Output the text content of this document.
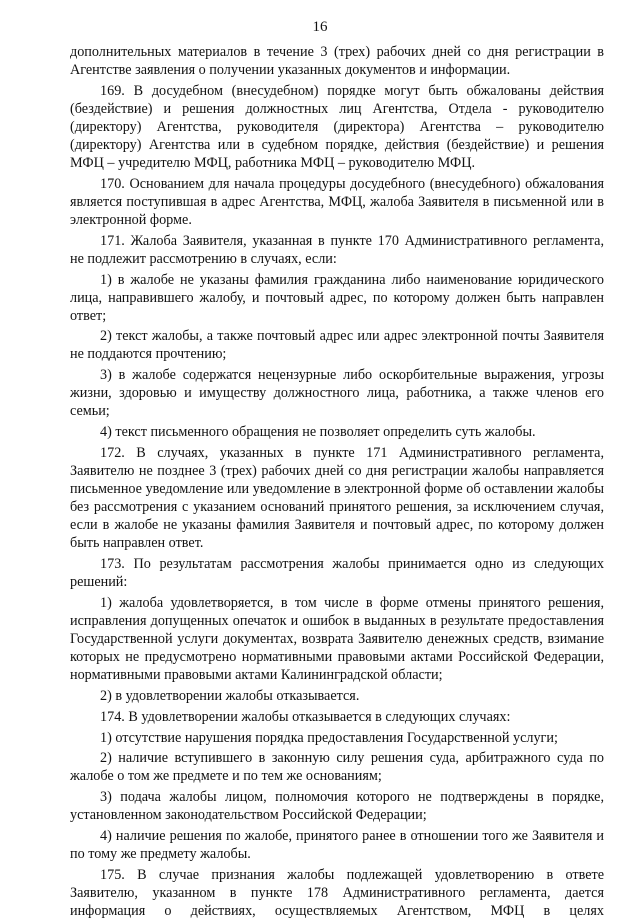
16

дополнительных материалов в течение 3 (трех) рабочих дней со дня регистрации в Агентстве заявления о получении указанных документов и информации.

169. В досудебном (внесудебном) порядке могут быть обжалованы действия (бездействие) и решения должностных лиц Агентства, Отдела - руководителю (директору) Агентства, руководителя (директора) Агентства – руководителю (директору) Агентства или в судебном порядке, действия (бездействие) и решения МФЦ – учредителю МФЦ, работника МФЦ – руководителю МФЦ.

170. Основанием для начала процедуры досудебного (внесудебного) обжалования является поступившая в адрес Агентства, МФЦ, жалоба Заявителя в письменной или в электронной форме.

171. Жалоба Заявителя, указанная в пункте 170 Административного регламента, не подлежит рассмотрению в случаях, если:

1) в жалобе не указаны фамилия гражданина либо наименование юридического лица, направившего жалобу, и почтовый адрес, по которому должен быть направлен ответ;

2) текст жалобы, а также почтовый адрес или адрес электронной почты Заявителя не поддаются прочтению;

3) в жалобе содержатся нецензурные либо оскорбительные выражения, угрозы жизни, здоровью и имуществу должностного лица, работника, а также членов его семьи;

4) текст письменного обращения не позволяет определить суть жалобы.

172. В случаях, указанных в пункте 171 Административного регламента, Заявителю не позднее 3 (трех) рабочих дней со дня регистрации жалобы направляется письменное уведомление или уведомление в электронной форме об оставлении жалобы без рассмотрения с указанием оснований принятого решения, за исключением случая, если в жалобе не указаны фамилия Заявителя и почтовый адрес, по которому должен быть направлен ответ.

173. По результатам рассмотрения жалобы принимается одно из следующих решений:

1) жалоба удовлетворяется, в том числе в форме отмены принятого решения, исправления допущенных опечаток и ошибок в выданных в результате предоставления Государственной услуги документах, возврата Заявителю денежных средств, взимание которых не предусмотрено нормативными правовыми актами Российской Федерации, нормативными правовыми актами Калининградской области;

2) в удовлетворении жалобы отказывается.

174. В удовлетворении жалобы отказывается в следующих случаях:

1) отсутствие нарушения порядка предоставления Государственной услуги;

2) наличие вступившего в законную силу решения суда, арбитражного суда по жалобе о том же предмете и по тем же основаниям;

3) подача жалобы лицом, полномочия которого не подтверждены в порядке, установленном законодательством Российской Федерации;

4) наличие решения по жалобе, принятого ранее в отношении того же Заявителя и по тому же предмету жалобы.

175. В случае признания жалобы подлежащей удовлетворению в ответе Заявителю, указанном в пункте 178 Административного регламента, дается информация о действиях, осуществляемых Агентством, МФЦ в целях
